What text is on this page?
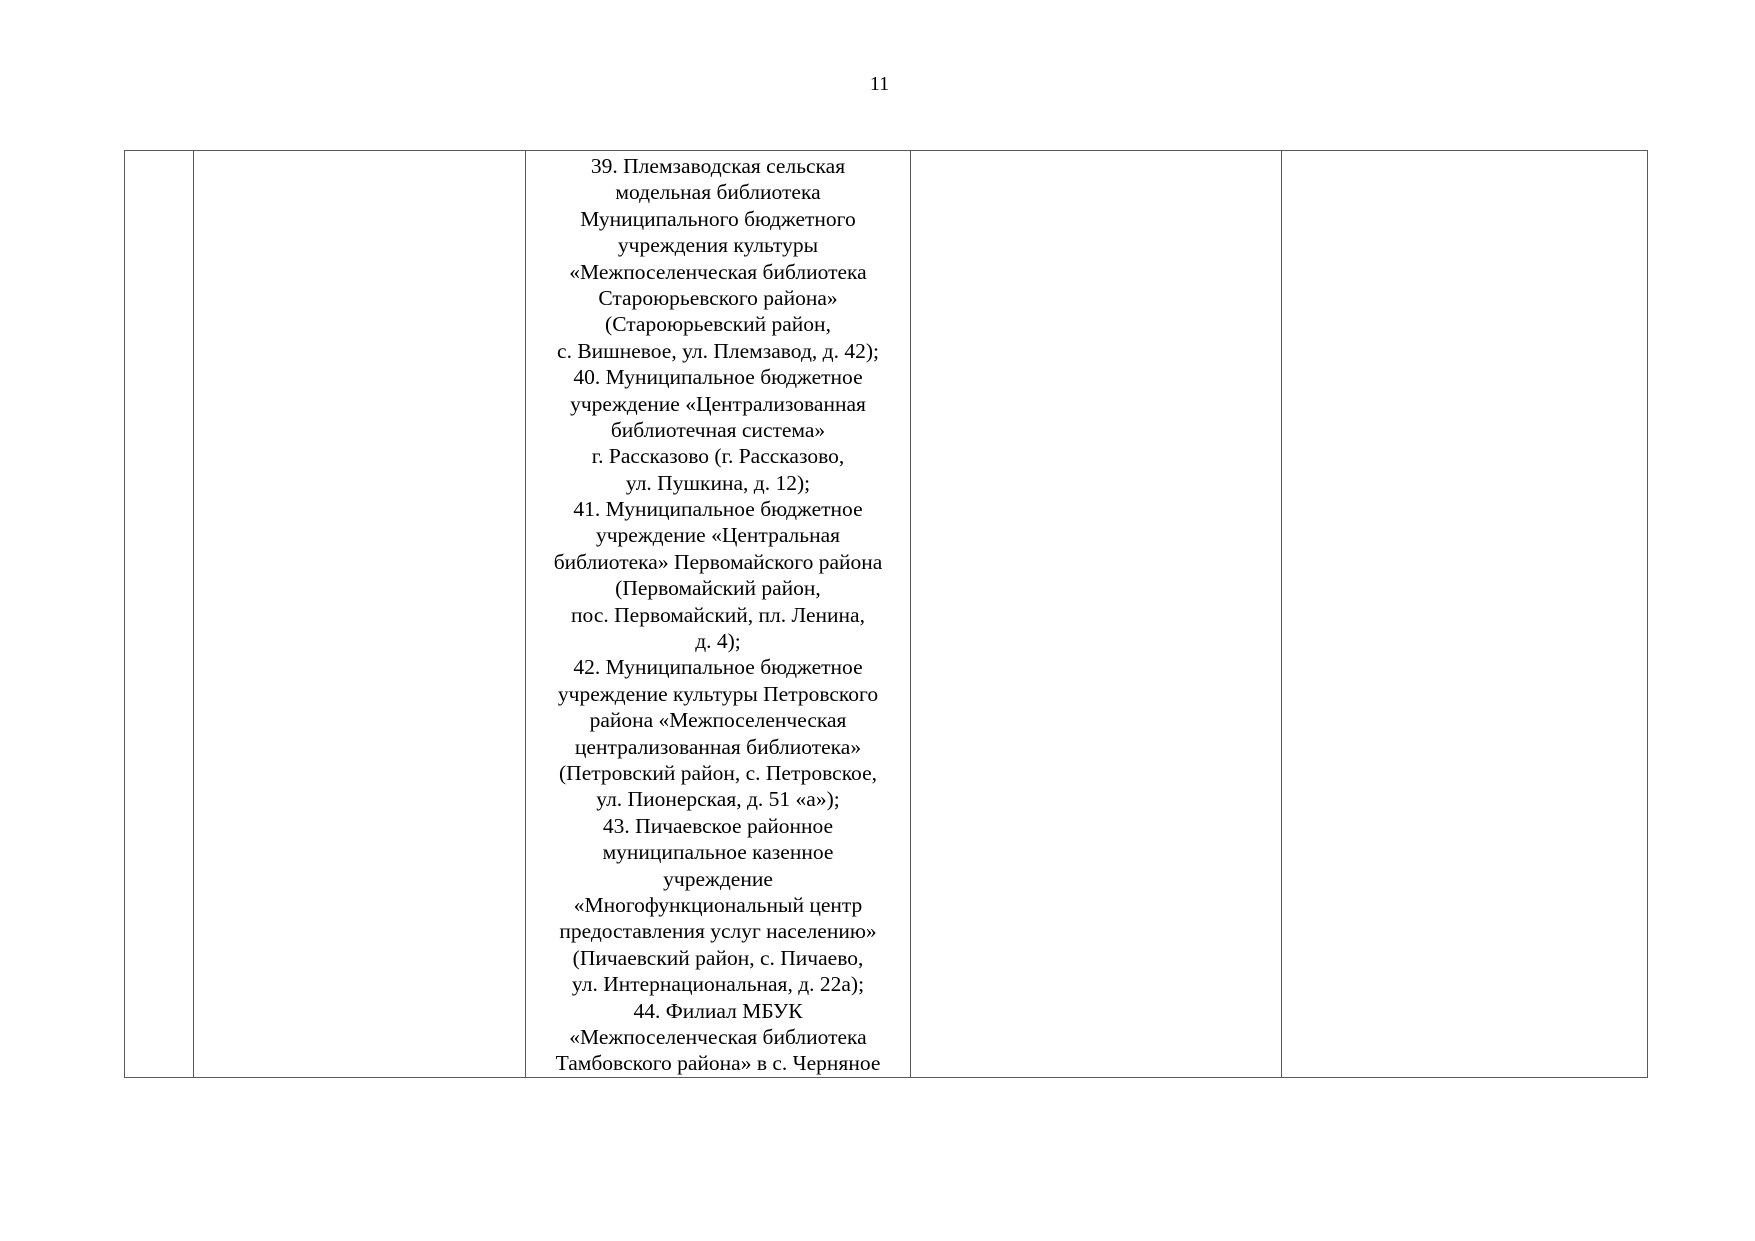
11

39. Племзаводская сельская
модельная библиотека
Муниципального бюджетного
учреждения культуры
«Межпоселенческая библиотека
Староюрьевского района»
(Староюрьевский район,
с. Вишневое, ул. Племзавод, д. 42);
40. Муниципальное бюджетное
учреждение «Централизованная
библиотечная система»
г. Рассказово (г. Рассказово,
ул. Пушкина, д. 12);
41. Муниципальное бюджетное
учреждение «Центральная
библиотека» Первомайского района
(Первомайский район,
пос. Первомайский, пл. Ленина,
д. 4);
42. Муниципальное бюджетное
учреждение культуры Петровского
района «Межпоселенческая
централизованная библиотека»
(Петровский район, с. Петровское,
ул. Пионерская, д. 51 «а»);
43. Пичаевское районное
муниципальное казенное
учреждение
«Многофункциональный центр
предоставления услуг населению»
(Пичаевский район, с. Пичаево,
ул. Интернациональная, д. 22а);
44. Филиал МБУК
«Межпоселенческая библиотека
Тамбовского района» в с. Черняное
